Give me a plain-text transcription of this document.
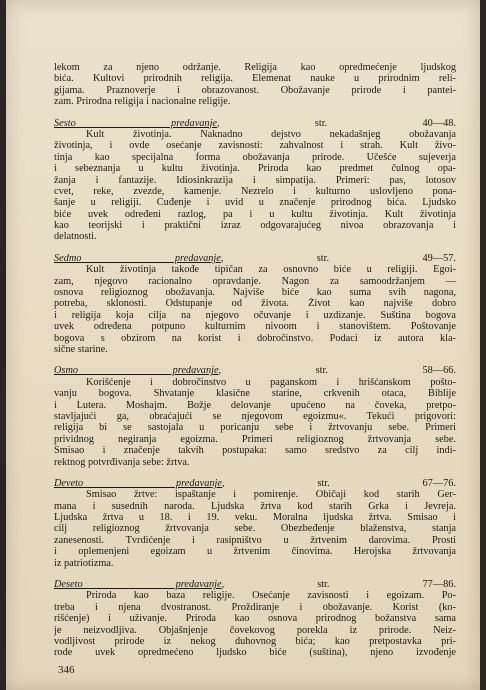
lekom za njeno održanje. Religija kao opredmećenje ljudskog
bića. Kultovi prirodnih religija. Elemenat nauke u prirodnim reli-
gijama. Praznoverje i obrazovanost. Obožavanje prirode i pantei-
zam. Prirodna religija i nacionalne religije.
Šesto predavanje, str. 40—48.
Kult životinja. Naknadno dejstvo nekadašnjeg obožavanja
životinja, i ovde osećanje zavisnosti: zahvalnost i strah. Kult živo-
tinja kao specijalna forma obožavanja prirode. Učešće sujeverja
i sebeznanja u kultu životinja. Priroda kao predmet čulnog opa-
žanja i fantazije. Idiosinkrazija i simpatija. Primeri: pas, lotosov
cvet, reke, zvezde, kamenje. Nezrelo i kulturno uslovljeno pona-
šanje u religiji. Čuđenje i uvid u značenje prirodnog bića. Ljudsko
biće uvek određeni razlog, pa i u kultu životinja. Kult životinja
kao teorijski i praktični izraz odgovarajućeg nivoa obrazovanja i
delatnosti.
Sedmo predavanje, str. 49—57.
Kult životinja takođe tipičan za osnovno biće u religiji. Egoi-
zam, njegovo racionalno opravdanje. Nagon za samoodržanjem —
osnova religioznog obožavanja. Najviše biće kao suma svih nagona,
potreba, sklonosti. Odstupanje od života. Život kao najviše dobro
i religija koja cilja na njegovo očuvanje i uzdizanje. Suština bogova
uvek određena potpuno kulturnim nivoom i stanovištem. Poštovanje
bogova s obzirom na korist i dobročinstvo. Podaci iz autora kla-
sične starine.
Osmo predavanje, str. 58—66.
Korišćenje i dobročinstvo u paganskom i hrišćanskom pošto-
vanju bogova. Shvatanje klasične starine, crkvenih otaca, Biblije
i Lutera. Moshajm. Božje delovanje upućeno na čoveka, pretpo-
stavljajući ga, obraćajući se njegovom egoizmu«. Tekući prigovori:
religija bi se sastojala u poricanju sebe i žrtvovanju sebe. Primeri
prividnog negiranja egoizma. Primeri religioznog žrtvovanja sebe.
Smisao i značenje takvih postupaka: samo sredstvo za cilj indi-
rektnog potvrđivanja sebe: žrtva.
Deveto predavanje, str. 67—76.
Smisao žrtve: ispaštanje i pomirenje. Običaji kod starih Ger-
mana i susednih naroda. Ljudska žrtva kod starih Grka i Jevreja.
Ljudska žrtva u 18. i 19. veku. Moralna ljudska žrtva. Smisao i
cilj religioznog žrtvovanja sebe. Obezbeđenje blaženstva, stanja
zanesenosti. Tvrdićenje i rasipništvo u žrtvenim darovima. Prosti
i oplemenjeni egoizam u žrtvenim činovima. Herojska žrtvovanja
iz patriotizma.
Deseto predavanje, str. 77—86.
Priroda kao baza religije. Osećanje zavisnosti i egoizam. Po-
treba i njena dvostranost. Proždiranje i obožavanje. Korist (ko-
rišćenje) i uživanje. Priroda kao osnova prirodnog božanstva sama
je neizvodljiva. Objašnjenje čovekovog porekla iz prirode. Neiz-
vodljivost prirode iz nekog duhovnog bića; kao pretpostavka pri-
rode uvek opredmećeno ljudsko biće (suština), njeno izvođenje
346
